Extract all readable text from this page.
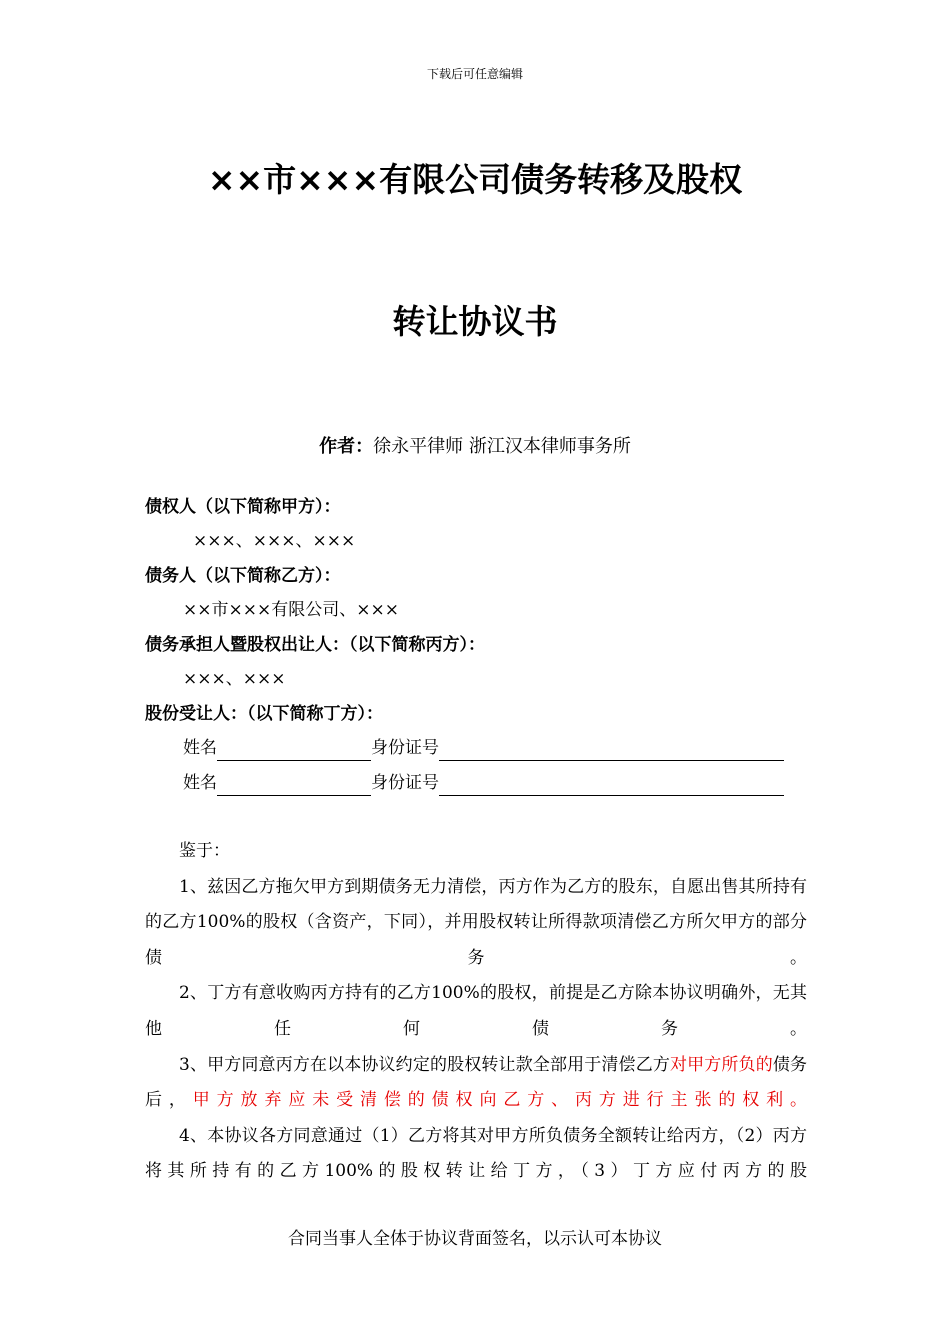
下载后可任意编辑
××市×××有限公司债务转移及股权
转让协议书
作者：徐永平律师 浙江汉本律师事务所
债权人（以下简称甲方）：
×××、×××、×××
债务人（以下简称乙方）：
××市×××有限公司、×××
债务承担人暨股权出让人：（以下简称丙方）：
×××、×××
股份受让人：（以下简称丁方）：
姓名	身份证号
姓名	身份证号

鉴于：

1、兹因乙方拖欠甲方到期债务无力清偿，丙方作为乙方的股东，自愿出售其所持有的乙方100%的股权（含资产，下同），并用股权转让所得款项清偿乙方所欠甲方的部分债务。

2、丁方有意收购丙方持有的乙方100%的股权，前提是乙方除本协议明确外，无其他任何债务。

3、甲方同意丙方在以本协议约定的股权转让款全部用于清偿乙方对甲方所负的债务后，甲方放弃应未受清偿的债权向乙方、丙方进行主张的权利。

4、本协议各方同意通过（1）乙方将其对甲方所负债务全额转让给丙方，（2）丙方将其所持有的乙方100%的股权转让给丁方，（3）丁方应付丙方的股

合同当事人全体于协议背面签名，以示认可本协议
